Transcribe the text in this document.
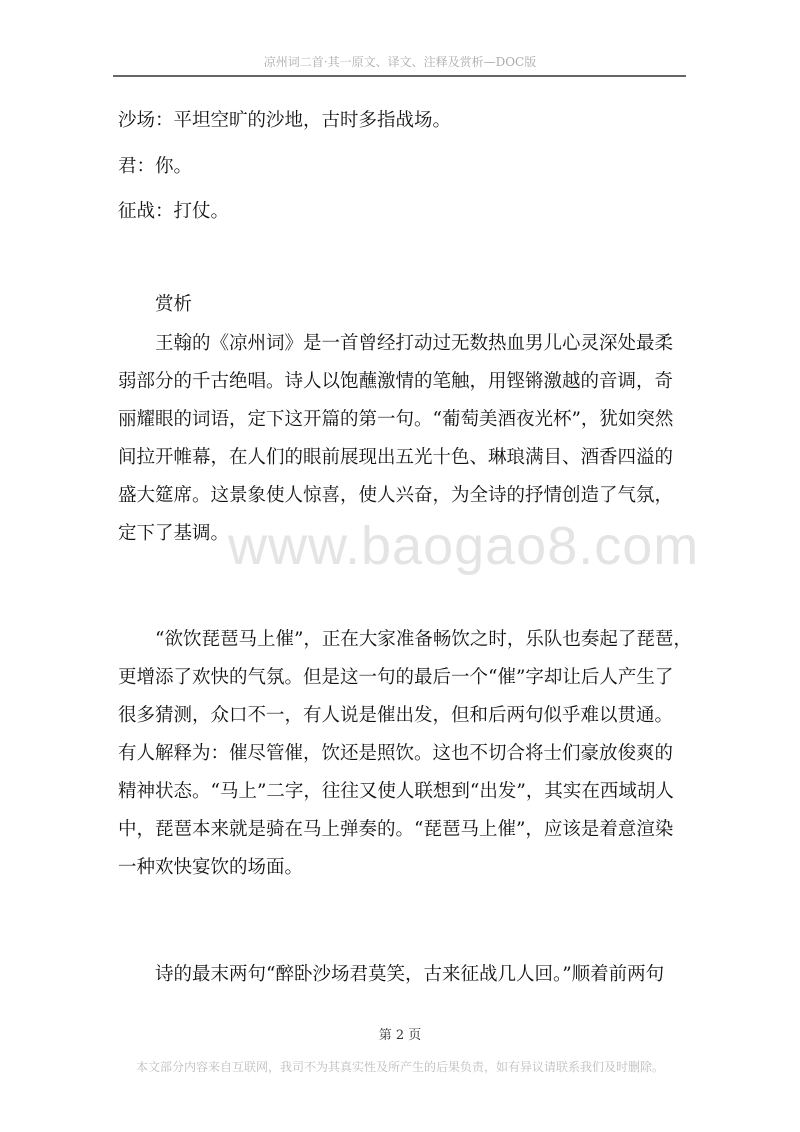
凉州词二首·其一原文、译文、注释及赏析—DOC版
www.baogao8.com
沙场：平坦空旷的沙地，古时多指战场。
君：你。
征战：打仗。
赏析
王翰的《凉州词》是一首曾经打动过无数热血男儿心灵深处最柔
弱部分的千古绝唱。诗人以饱蘸激情的笔触，用铿锵激越的音调，奇
丽耀眼的词语，定下这开篇的第一句。“葡萄美酒夜光杯”，犹如突然
间拉开帷幕，在人们的眼前展现出五光十色、琳琅满目、酒香四溢的
盛大筵席。这景象使人惊喜，使人兴奋，为全诗的抒情创造了气氛，
定下了基调。
“欲饮琵琶马上催”，正在大家准备畅饮之时，乐队也奏起了琵琶，
更增添了欢快的气氛。但是这一句的最后一个“催”字却让后人产生了
很多猜测，众口不一，有人说是催出发，但和后两句似乎难以贯通。
有人解释为：催尽管催，饮还是照饮。这也不切合将士们豪放俊爽的
精神状态。“马上”二字，往往又使人联想到“出发”，其实在西域胡人
中，琵琶本来就是骑在马上弹奏的。“琵琶马上催”，应该是着意渲染
一种欢快宴饮的场面。
诗的最末两句“醉卧沙场君莫笑，古来征战几人回。”顺着前两句
第 2 页
本文部分内容来自互联网，我司不为其真实性及所产生的后果负责，如有异议请联系我们及时删除。
